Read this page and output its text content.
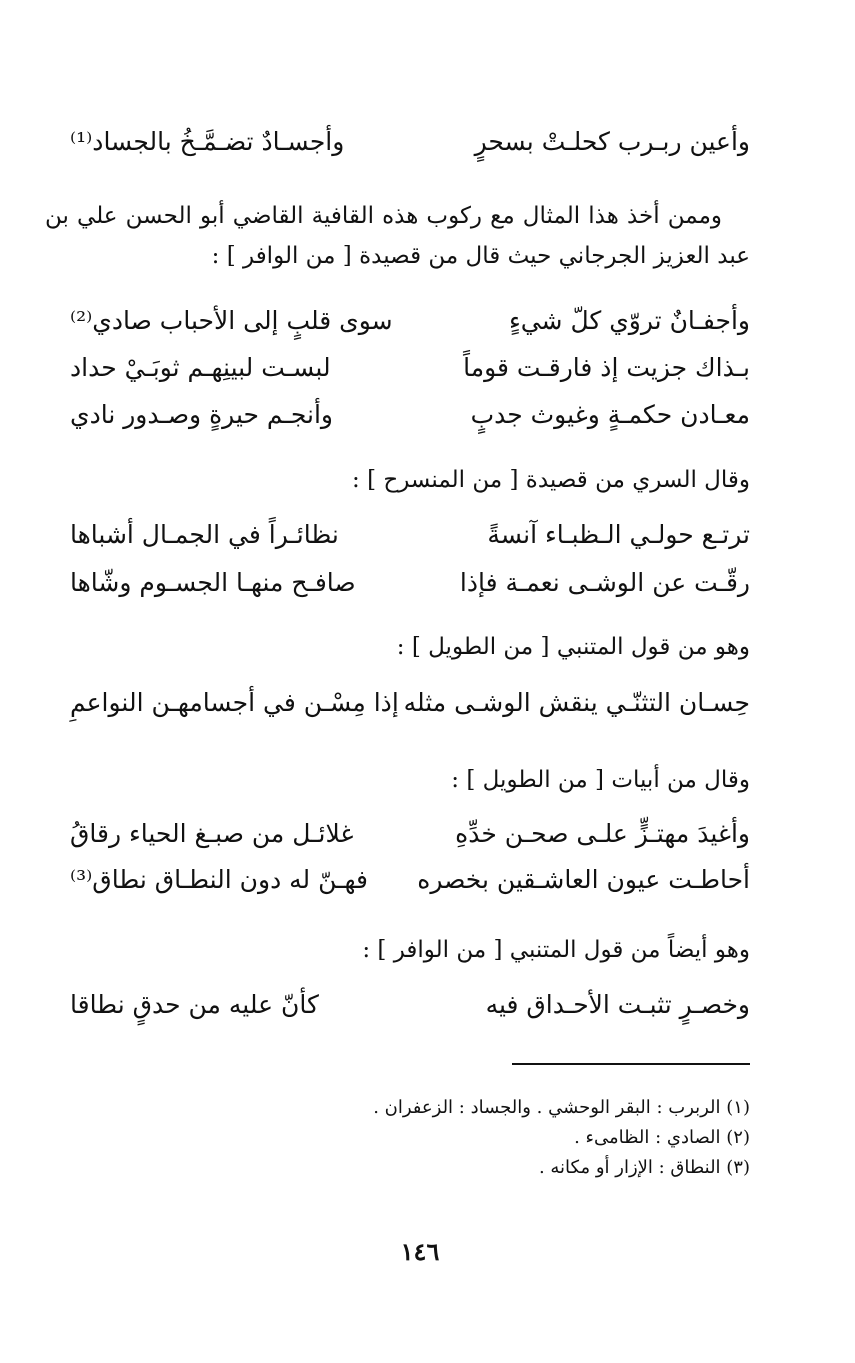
وأعين ربـرب كحلـتْ بسحرٍ
وأجسـادٌ تضـمَّـخُ بالجساد⁽¹⁾
وممن أخذ هذا المثال مع ركوب هذه القافية القاضي أبو الحسن علي بن عبد العزيز الجرجاني حيث قال من قصيدة [ من الوافر ] :
وأجفـانٌ تروّي كلّ شيءٍ
سوى قلبٍ إلى الأحباب صادي⁽²⁾
بـذاك جزيت إذ فارقـت قوماً
لبسـت لبينِهـم ثوبَـيْ حداد
معـادن حكمـةٍ وغيوث جدبٍ
وأنجـم حيرةٍ وصـدور نادي
وقال السري من قصيدة [ من المنسرح ] :
ترتـع حولـي الـظبـاء آنسةً
نظائـراً في الجمـال أشباها
رقّـت عن الوشـى نعمـة فإذا
صافـح منهـا الجسـوم وشّاها
وهو من قول المتنبي [ من الطويل ] :
حِسـان التثنّـي ينقش الوشـى مثله
إذا مِسْـن في أجسامهـن النواعمِ
وقال من أبيات [ من الطويل ] :
وأغيدَ مهتـزٍّ علـى صحـن خدِّهِ
غلائـل من صبـغ الحياء رقاقُ
أحاطـت عيون العاشـقين بخصره
فهـنّ له دون النطـاق نطاق⁽³⁾
وهو أيضاً من قول المتنبي [ من الوافر ] :
وخصـرٍ تثبـت الأحـداق فيه
كأنّ عليه من حدقٍ نطاقا
(١) الربرب : البقر الوحشي . والجساد : الزعفران .
(٢) الصادي : الظامىء .
(٣) النطاق : الإزار أو مكانه .
١٤٦
